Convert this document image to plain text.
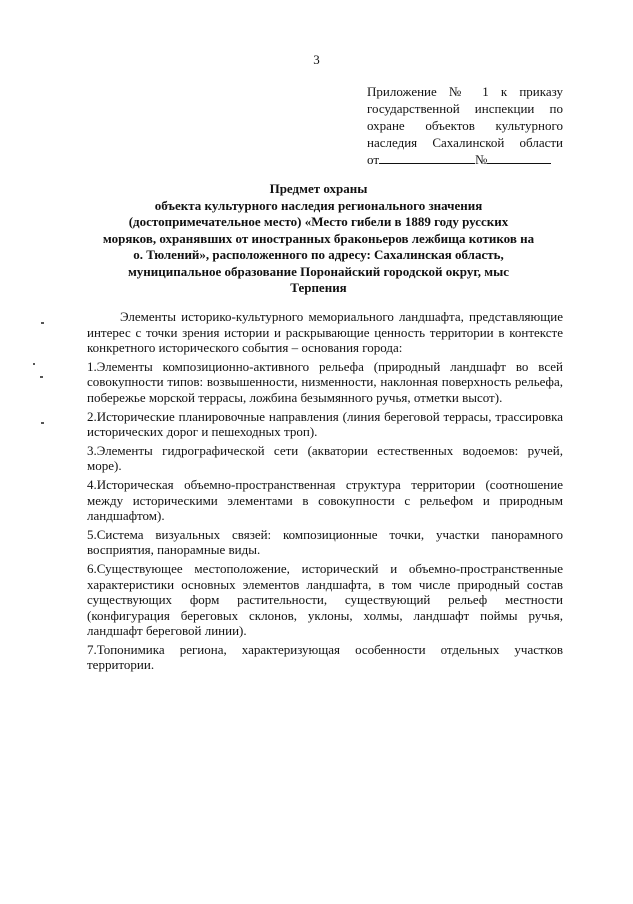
3
Приложение № 1 к приказу
государственной инспекции по
охране объектов культурного
наследия Сахалинской области
от	№
Предмет охраны
объекта культурного наследия регионального значения
(достопримечательное место) «Место гибели в 1889 году русских
моряков, охранявших от иностранных браконьеров лежбища котиков на
о. Тюлений», расположенного по адресу: Сахалинская область,
муниципальное образование Поронайский городской округ, мыс
Терпения

Элементы историко-культурного мемориального ландшафта, представляющие интерес с точки зрения истории и раскрывающие ценность территории в контексте конкретного исторического события – основания города:

1.Элементы композиционно-активного рельефа (природный ландшафт во всей совокупности типов: возвышенности, низменности, наклонная поверхность рельефа, побережье морской террасы, ложбина безымянного ручья, отметки высот).

2.Исторические планировочные направления (линия береговой террасы, трассировка исторических дорог и пешеходных троп).

3.Элементы гидрографической сети (акватории естественных водоемов: ручей, море).

4.Историческая объемно-пространственная структура территории (соотношение между историческими элементами в совокупности с рельефом и природным ландшафтом).

5.Система визуальных связей: композиционные точки, участки панорамного восприятия, панорамные виды.

6.Существующее местоположение, исторический и объемно-пространственные характеристики основных элементов ландшафта, в том числе природный состав существующих форм растительности, существующий рельеф местности (конфигурация береговых склонов, уклоны, холмы, ландшафт поймы ручья, ландшафт береговой линии).

7.Топонимика региона, характеризующая особенности отдельных участков территории.
